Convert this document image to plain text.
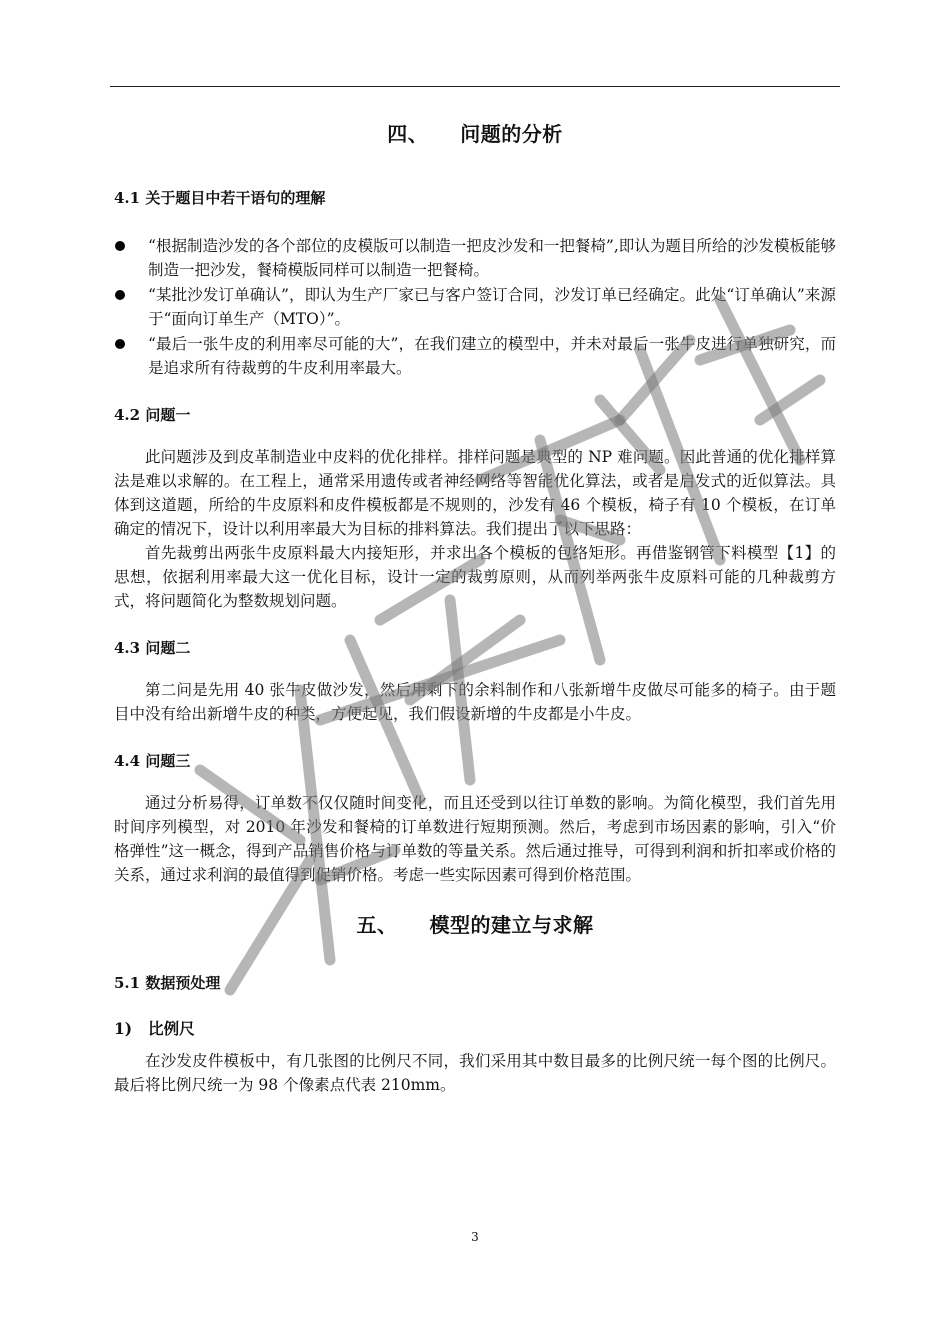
四、 问题的分析
4.1 关于题目中若干语句的理解
“根据制造沙发的各个部位的皮模版可以制造一把皮沙发和一把餐椅”,即认为题目所给的沙发模板能够制造一把沙发，餐椅模版同样可以制造一把餐椅。
“某批沙发订单确认”，即认为生产厂家已与客户签订合同，沙发订单已经确定。此处“订单确认”来源于“面向订单生产（MTO）”。
“最后一张牛皮的利用率尽可能的大”，在我们建立的模型中，并未对最后一张牛皮进行单独研究，而是追求所有待裁剪的牛皮利用率最大。
4.2 问题一

此问题涉及到皮革制造业中皮料的优化排样。排样问题是典型的 NP 难问题。因此普通的优化排样算法是难以求解的。在工程上，通常采用遗传或者神经网络等智能优化算法，或者是启发式的近似算法。具体到这道题，所给的牛皮原料和皮件模板都是不规则的，沙发有 46 个模板，椅子有 10 个模板，在订单确定的情况下，设计以利用率最大为目标的排料算法。我们提出了以下思路：

首先裁剪出两张牛皮原料最大内接矩形，并求出各个模板的包络矩形。再借鉴钢管下料模型【1】的思想，依据利用率最大这一优化目标，设计一定的裁剪原则，从而列举两张牛皮原料可能的几种裁剪方式，将问题简化为整数规划问题。

4.3 问题二

第二问是先用 40 张牛皮做沙发，然后用剩下的余料制作和八张新增牛皮做尽可能多的椅子。由于题目中没有给出新增牛皮的种类，方便起见，我们假设新增的牛皮都是小牛皮。

4.4 问题三

通过分析易得，订单数不仅仅随时间变化，而且还受到以往订单数的影响。为简化模型，我们首先用时间序列模型，对 2010 年沙发和餐椅的订单数进行短期预测。然后，考虑到市场因素的影响，引入“价格弹性”这一概念，得到产品销售价格与订单数的等量关系。然后通过推导，可得到利润和折扣率或价格的关系，通过求利润的最值得到促销价格。考虑一些实际因素可得到价格范围。

五、 模型的建立与求解
5.1 数据预处理

1) 比例尺

在沙发皮件模板中，有几张图的比例尺不同，我们采用其中数目最多的比例尺统一每个图的比例尺。最后将比例尺统一为 98 个像素点代表 210mm。

3
